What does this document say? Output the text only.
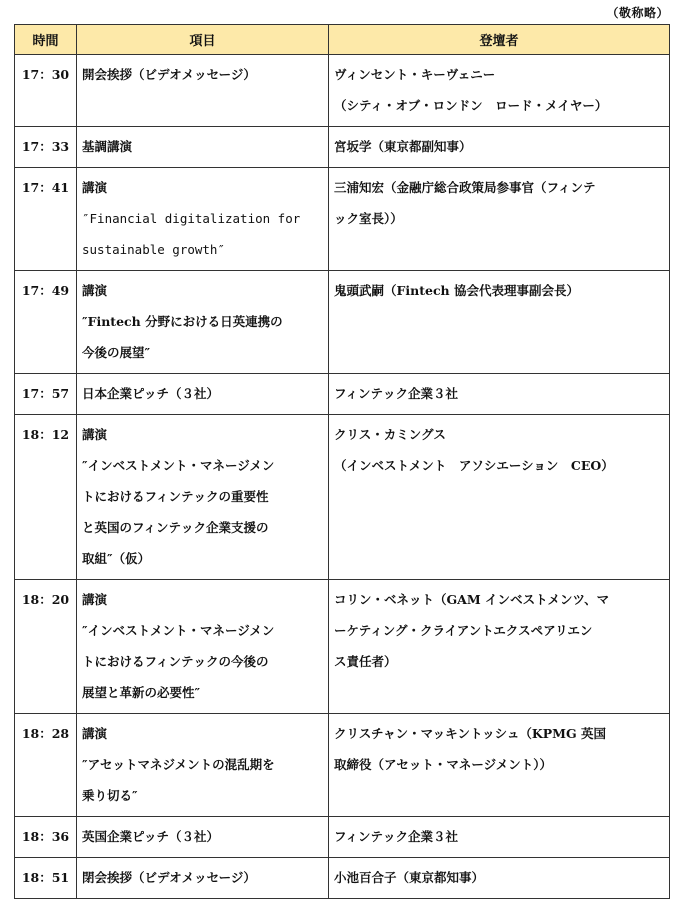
（敬称略）
時間	項目	登壇者
17：30	開会挨拶（ビデオメッセージ）	ヴィンセント・キーヴェニー
（シティ・オブ・ロンドン　ロード・メイヤー）

17：33	基調講演	宮坂学（東京都副知事）

17：41	講演
″Financial digitalization for
sustainable growth″	三浦知宏（金融庁総合政策局参事官（フィンテ
ック室長））

17：49	講演
″Fintech 分野における日英連携の
今後の展望″	鬼頭武嗣（Fintech 協会代表理事副会長）

17：57	日本企業ピッチ（３社）	フィンテック企業３社

18：12	講演
″インベストメント・マネージメン
トにおけるフィンテックの重要性
と英国のフィンテック企業支援の
取組″（仮）	クリス・カミングス
（インベストメント　アソシエーション　CEO）

18：20	講演
″インベストメント・マネージメン
トにおけるフィンテックの今後の
展望と革新の必要性″	コリン・ベネット（GAM インベストメンツ、マ
ーケティング・クライアントエクスペアリエン
ス責任者）

18：28	講演
″アセットマネジメントの混乱期を
乗り切る″	クリスチャン・マッキントッシュ（KPMG 英国
取締役（アセット・マネージメント））

18：36	英国企業ピッチ（３社）	フィンテック企業３社

18：51	閉会挨拶（ビデオメッセージ）	小池百合子（東京都知事）
